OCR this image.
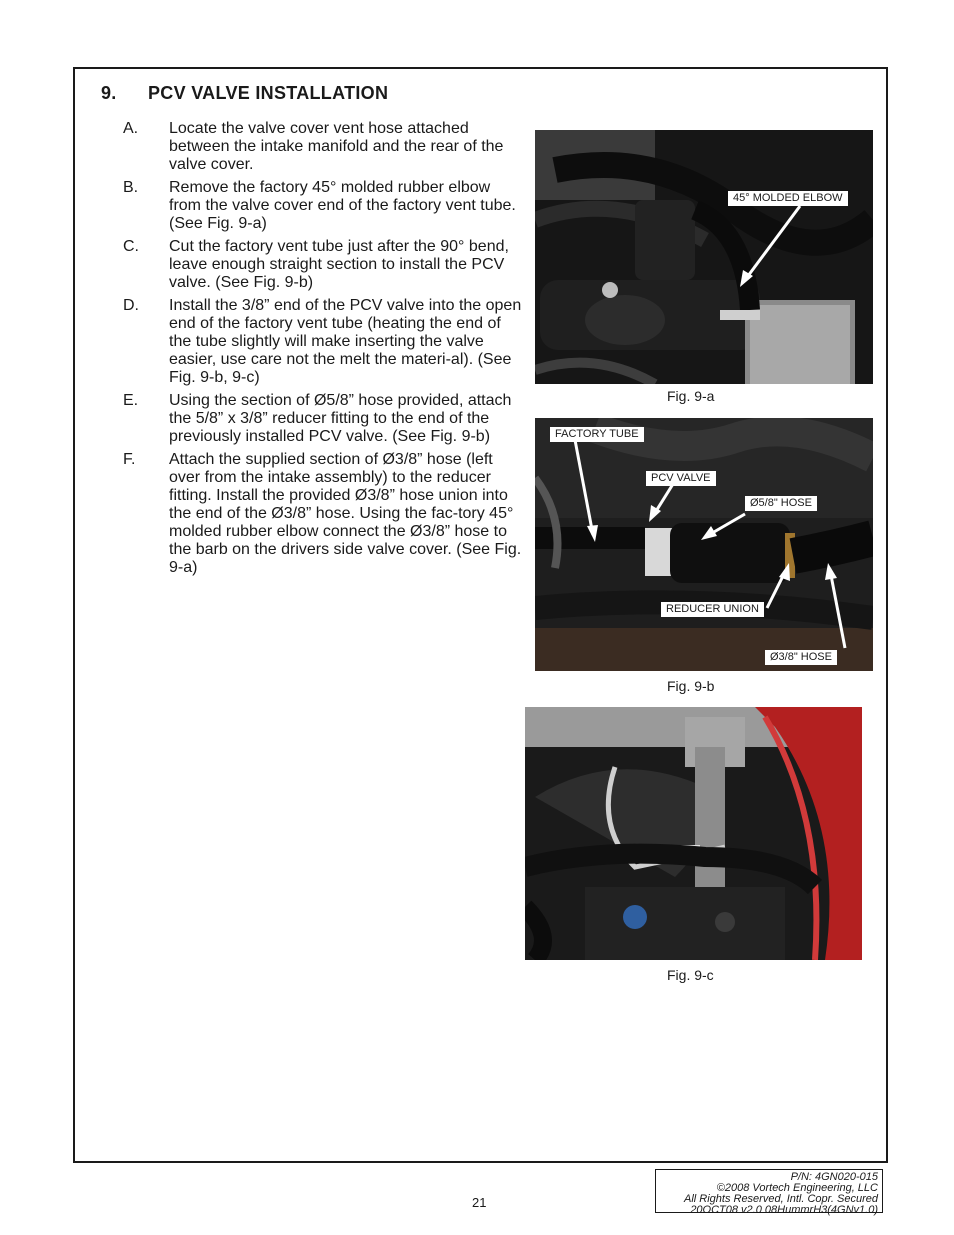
9. PCV VALVE INSTALLATION
A. Locate the valve cover vent hose attached between the intake manifold and the rear of the valve cover.
B. Remove the factory 45° molded rubber elbow from the valve cover end of the factory vent tube. (See Fig. 9-a)
C. Cut the factory vent tube just after the 90° bend, leave enough straight section to install the PCV valve. (See Fig. 9-b)
D. Install the 3/8” end of the PCV valve into the open end of the factory vent tube (heating the end of the tube slightly will make inserting the valve easier, use care not the melt the materi-al). (See Fig. 9-b, 9-c)
E. Using the section of Ø5/8” hose provided, attach the 5/8” x 3/8” reducer fitting to the end of the previously installed PCV valve. (See Fig. 9-b)
F. Attach the supplied section of Ø3/8” hose (left over from the intake assembly) to the reducer fitting. Install the provided Ø3/8” hose union into the end of the Ø3/8” hose. Using the fac-tory 45° molded rubber elbow connect the Ø3/8” hose to the barb on the drivers side valve cover. (See Fig. 9-a)
45° MOLDED ELBOW
Fig. 9-a
FACTORY TUBE
PCV VALVE
Ø5/8" HOSE
REDUCER UNION
Ø3/8" HOSE
Fig. 9-b
Fig. 9-c
21
P/N: 4GN020-015
©2008 Vortech Engineering, LLC
All Rights Reserved, Intl. Copr. Secured
20OCT08 v2.0 08HummrH3(4GNv1.0)
